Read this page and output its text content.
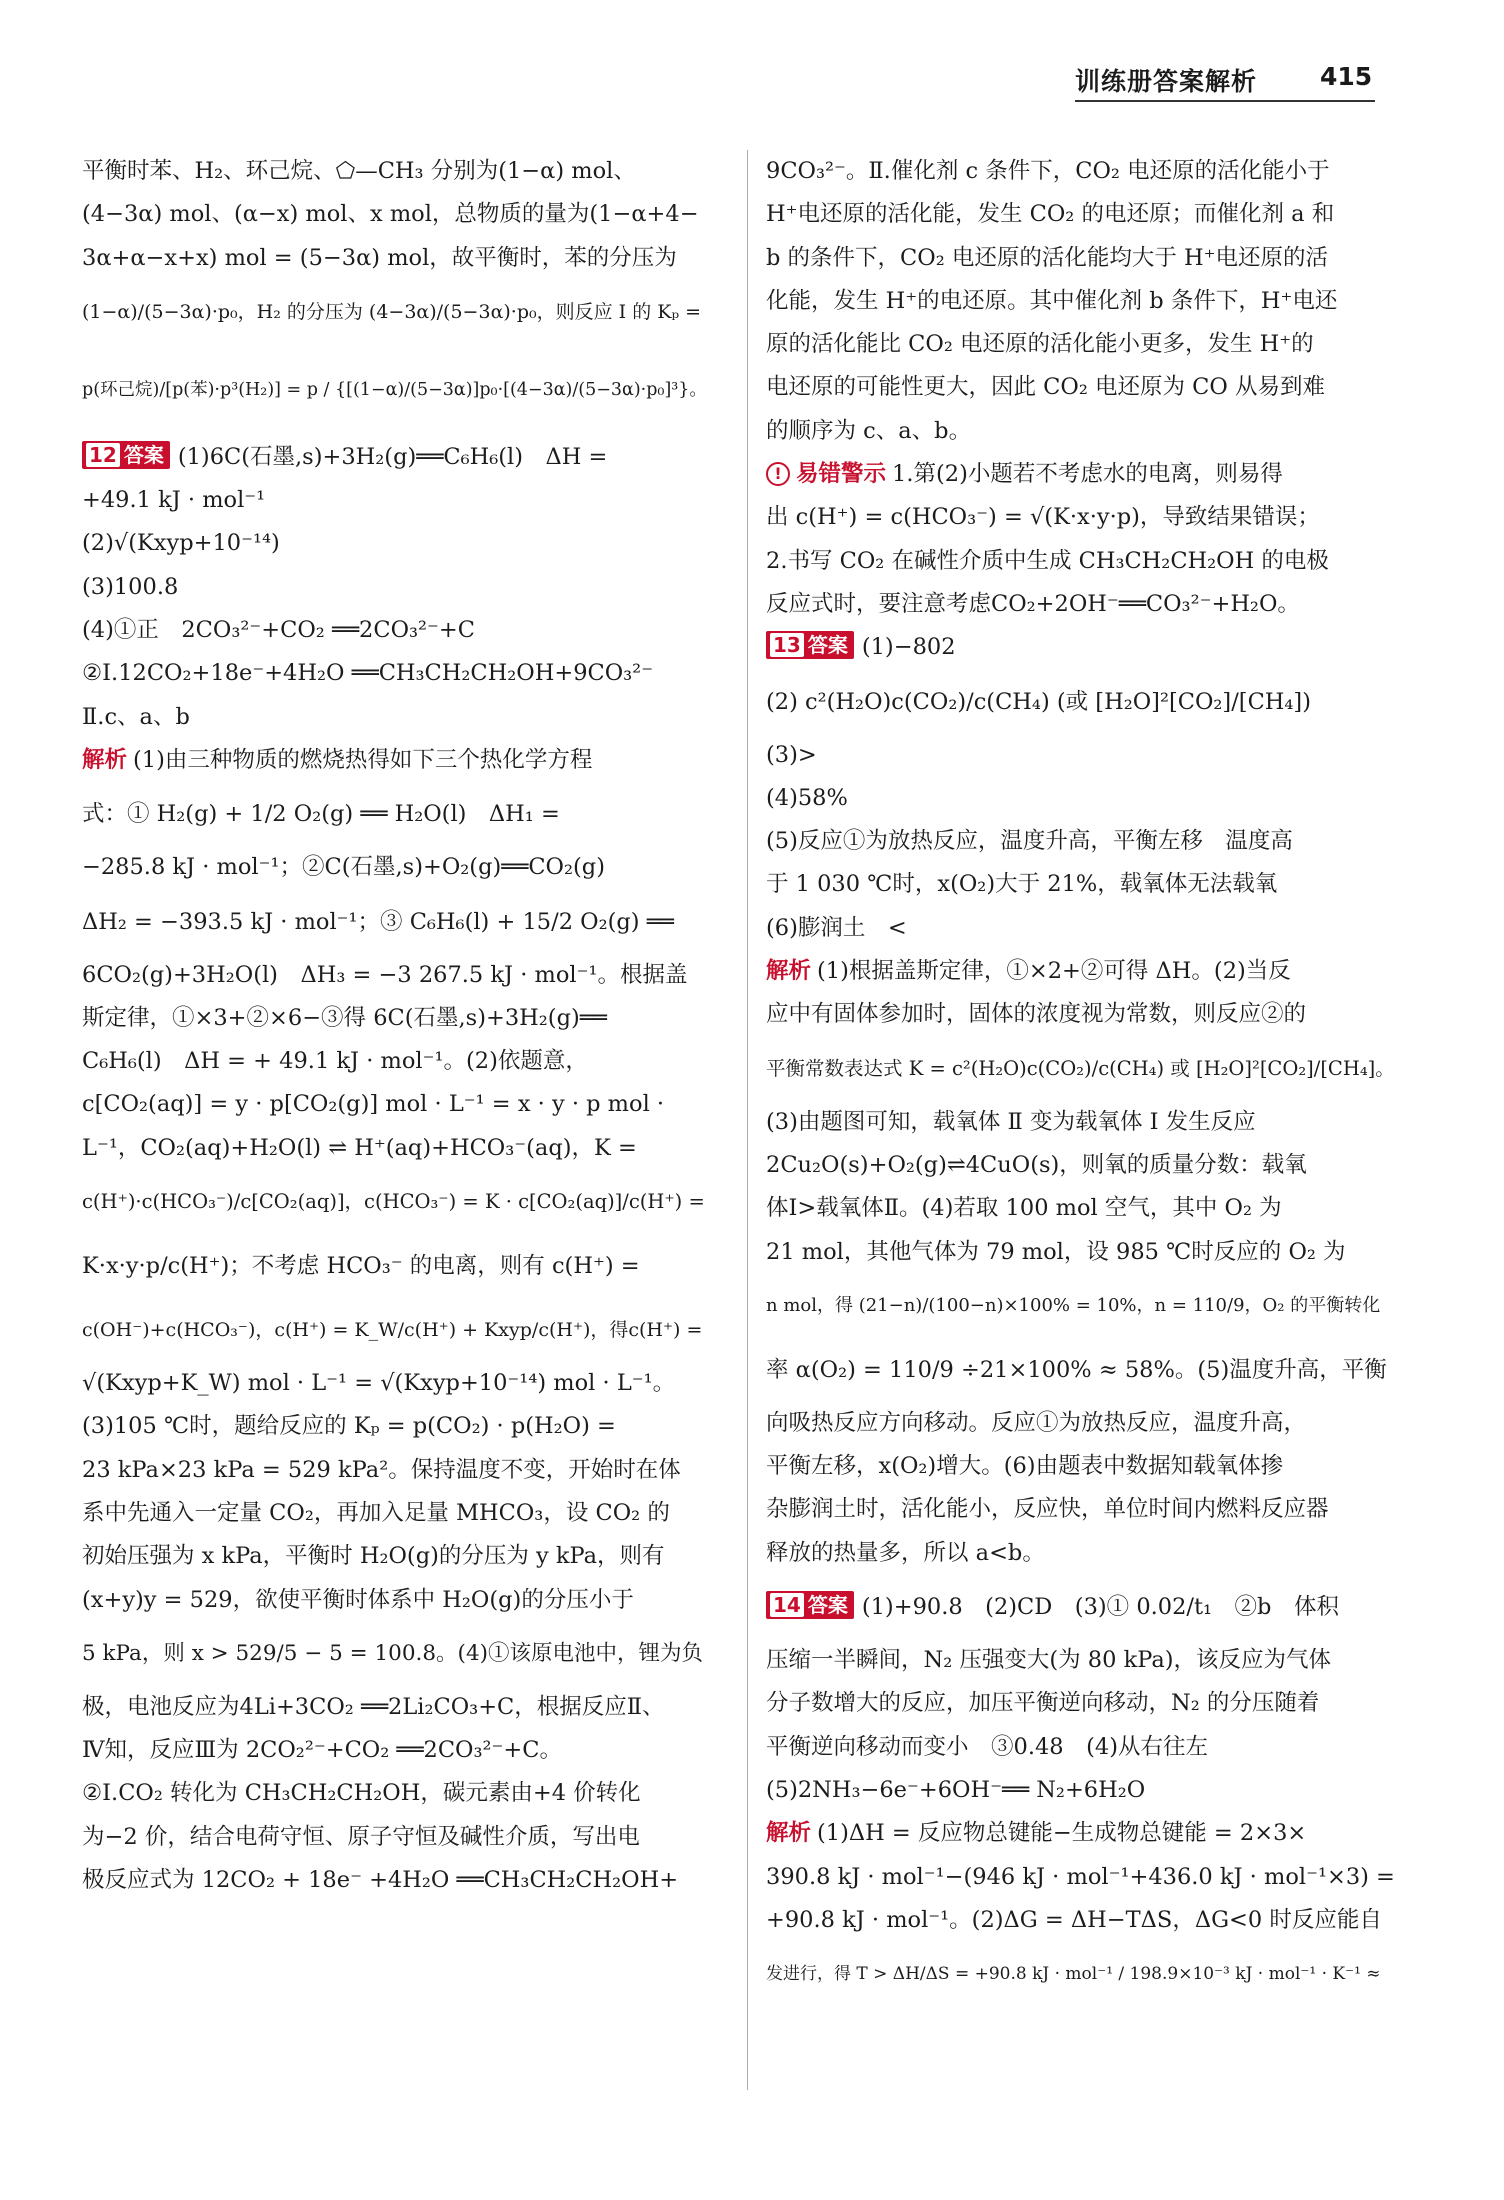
训练册答案解析	415
平衡时苯、H₂、环己烷、⬠—CH₃ 分别为(1−α) mol、
(4−3α) mol、(α−x) mol、x mol，总物质的量为(1−α+4−
3α+α−x+x) mol = (5−3α) mol，故平衡时，苯的分压为
(1−α)/(5−3α)·p₀，H₂ 的分压为 (4−3α)/(5−3α)·p₀，则反应 Ⅰ 的 Kₚ =
p(环己烷)/[p(苯)·p³(H₂)] = p / {[(1−α)/(5−3α)]p₀·[(4−3α)/(5−3α)·p₀]³}。
12 答案 (1)6C(石墨,s)+3H₂(g)══C₆H₆(l)　ΔH =
+49.1 kJ · mol⁻¹
(2)√(Kxyp+10⁻¹⁴)
(3)100.8
(4)①正　2CO₃²⁻+CO₂ ══2CO₃²⁻+C
②Ⅰ.12CO₂+18e⁻+4H₂O ══CH₃CH₂CH₂OH+9CO₃²⁻
Ⅱ.c、a、b
解析 (1)由三种物质的燃烧热得如下三个热化学方程
式：① H₂(g) + 1/2 O₂(g) ══ H₂O(l)　ΔH₁ =
−285.8 kJ · mol⁻¹；②C(石墨,s)+O₂(g)══CO₂(g)
ΔH₂ = −393.5 kJ · mol⁻¹；③ C₆H₆(l) + 15/2 O₂(g) ══
6CO₂(g)+3H₂O(l)　ΔH₃ = −3 267.5 kJ · mol⁻¹。根据盖
斯定律，①×3+②×6−③得 6C(石墨,s)+3H₂(g)══
C₆H₆(l)　ΔH = + 49.1 kJ · mol⁻¹。(2)依题意，
c[CO₂(aq)] = y · p[CO₂(g)] mol · L⁻¹ = x · y · p mol ·
L⁻¹，CO₂(aq)+H₂O(l) ⇌ H⁺(aq)+HCO₃⁻(aq)，K =
c(H⁺)·c(HCO₃⁻)/c[CO₂(aq)]，c(HCO₃⁻) = K · c[CO₂(aq)]/c(H⁺) =
K·x·y·p/c(H⁺)；不考虑 HCO₃⁻ 的电离，则有 c(H⁺) =
c(OH⁻)+c(HCO₃⁻)，c(H⁺) = K_W/c(H⁺) + Kxyp/c(H⁺)，得c(H⁺) =
√(Kxyp+K_W) mol · L⁻¹ = √(Kxyp+10⁻¹⁴) mol · L⁻¹。
(3)105 ℃时，题给反应的 Kₚ = p(CO₂) · p(H₂O) =
23 kPa×23 kPa = 529 kPa²。保持温度不变，开始时在体
系中先通入一定量 CO₂，再加入足量 MHCO₃，设 CO₂ 的
初始压强为 x kPa，平衡时 H₂O(g)的分压为 y kPa，则有
(x+y)y = 529，欲使平衡时体系中 H₂O(g)的分压小于
5 kPa，则 x > 529/5 − 5 = 100.8。(4)①该原电池中，锂为负
极，电池反应为4Li+3CO₂ ══2Li₂CO₃+C，根据反应Ⅱ、
Ⅳ知，反应Ⅲ为 2CO₂²⁻+CO₂ ══2CO₃²⁻+C。
②Ⅰ.CO₂ 转化为 CH₃CH₂CH₂OH，碳元素由+4 价转化
为−2 价，结合电荷守恒、原子守恒及碱性介质，写出电
极反应式为 12CO₂ + 18e⁻ +4H₂O ══CH₃CH₂CH₂OH+
9CO₃²⁻。Ⅱ.催化剂 c 条件下，CO₂ 电还原的活化能小于
H⁺电还原的活化能，发生 CO₂ 的电还原；而催化剂 a 和
b 的条件下，CO₂ 电还原的活化能均大于 H⁺电还原的活
化能，发生 H⁺的电还原。其中催化剂 b 条件下，H⁺电还
原的活化能比 CO₂ 电还原的活化能小更多，发生 H⁺的
电还原的可能性更大，因此 CO₂ 电还原为 CO 从易到难
的顺序为 c、a、b。
! 易错警示 1.第(2)小题若不考虑水的电离，则易得
出 c(H⁺) = c(HCO₃⁻) = √(K·x·y·p)，导致结果错误；
2.书写 CO₂ 在碱性介质中生成 CH₃CH₂CH₂OH 的电极
反应式时，要注意考虑CO₂+2OH⁻══CO₃²⁻+H₂O。
13 答案 (1)−802
(2) c²(H₂O)c(CO₂)/c(CH₄) (或 [H₂O]²[CO₂]/[CH₄])
(3)>
(4)58%
(5)反应①为放热反应，温度升高，平衡左移　温度高
于 1 030 ℃时，x(O₂)大于 21%，载氧体无法载氧
(6)膨润土　<
解析 (1)根据盖斯定律，①×2+②可得 ΔH。(2)当反
应中有固体参加时，固体的浓度视为常数，则反应②的
平衡常数表达式 K = c²(H₂O)c(CO₂)/c(CH₄) 或 [H₂O]²[CO₂]/[CH₄]。
(3)由题图可知，载氧体 Ⅱ 变为载氧体 Ⅰ 发生反应
2Cu₂O(s)+O₂(g)⇌4CuO(s)，则氧的质量分数：载氧
体Ⅰ>载氧体Ⅱ。(4)若取 100 mol 空气，其中 O₂ 为
21 mol，其他气体为 79 mol，设 985 ℃时反应的 O₂ 为
n mol，得 (21−n)/(100−n)×100% = 10%，n = 110/9，O₂ 的平衡转化
率 α(O₂) = 110/9 ÷21×100% ≈ 58%。(5)温度升高，平衡
向吸热反应方向移动。反应①为放热反应，温度升高，
平衡左移，x(O₂)增大。(6)由题表中数据知载氧体掺
杂膨润土时，活化能小，反应快，单位时间内燃料反应器
释放的热量多，所以 a<b。
14 答案 (1)+90.8　(2)CD　(3)① 0.02/t₁　②b　体积
压缩一半瞬间，N₂ 压强变大(为 80 kPa)，该反应为气体
分子数增大的反应，加压平衡逆向移动，N₂ 的分压随着
平衡逆向移动而变小　③0.48　(4)从右往左
(5)2NH₃−6e⁻+6OH⁻══ N₂+6H₂O
解析 (1)ΔH = 反应物总键能−生成物总键能 = 2×3×
390.8 kJ · mol⁻¹−(946 kJ · mol⁻¹+436.0 kJ · mol⁻¹×3) =
+90.8 kJ · mol⁻¹。(2)ΔG = ΔH−TΔS，ΔG<0 时反应能自
发进行，得 T > ΔH/ΔS = +90.8 kJ · mol⁻¹ / 198.9×10⁻³ kJ · mol⁻¹ · K⁻¹ ≈
